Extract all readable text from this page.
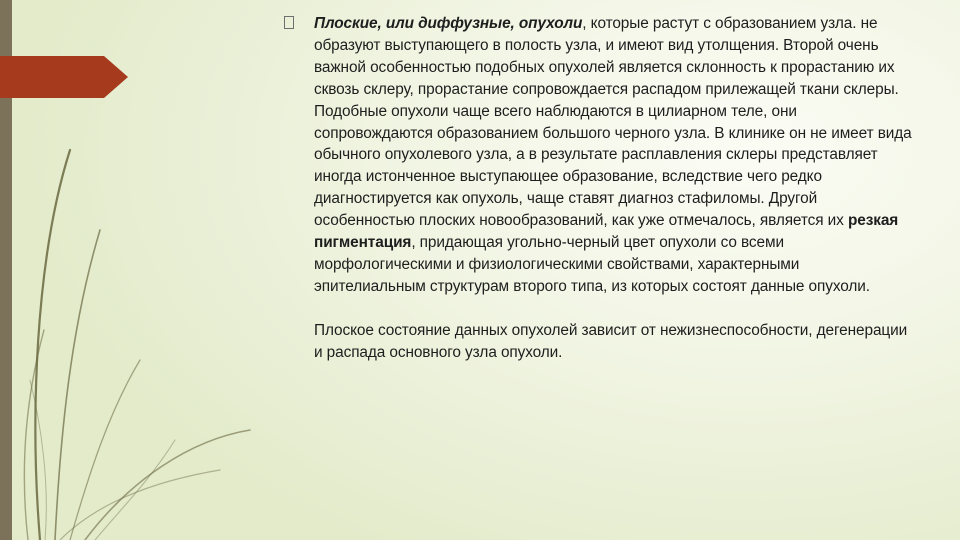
Плоские, или диффузные, опухоли, которые растут с образованием узла. не образуют выступающего в полость узла, и имеют вид утолщения. Второй очень важной особенностью подобных опухолей является склонность к прорастанию их сквозь склеру, прорастание сопровождается распадом прилежащей ткани склеры. Подобные опухоли чаще всего наблюдаются в цилиарном теле, они сопровождаются образованием большого черного узла. В клинике он не имеет вида обычного опухолевого узла, а в результате расплавления склеры представляет иногда истонченное выступающее образование, вследствие чего редко диагностируется как опухоль, чаще ставят диагноз стафиломы. Другой особенностью плоских новообразований, как уже отмечалось, является их резкая пигментация, придающая угольно-черный цвет опухоли со всеми морфологическими и физиологическими свойствами, характерными эпителиальным структурам второго типа, из которых состоят данные опухоли.

Плоское состояние данных опухолей зависит от нежизнеспособности, дегенерации и распада основного узла опухоли.
